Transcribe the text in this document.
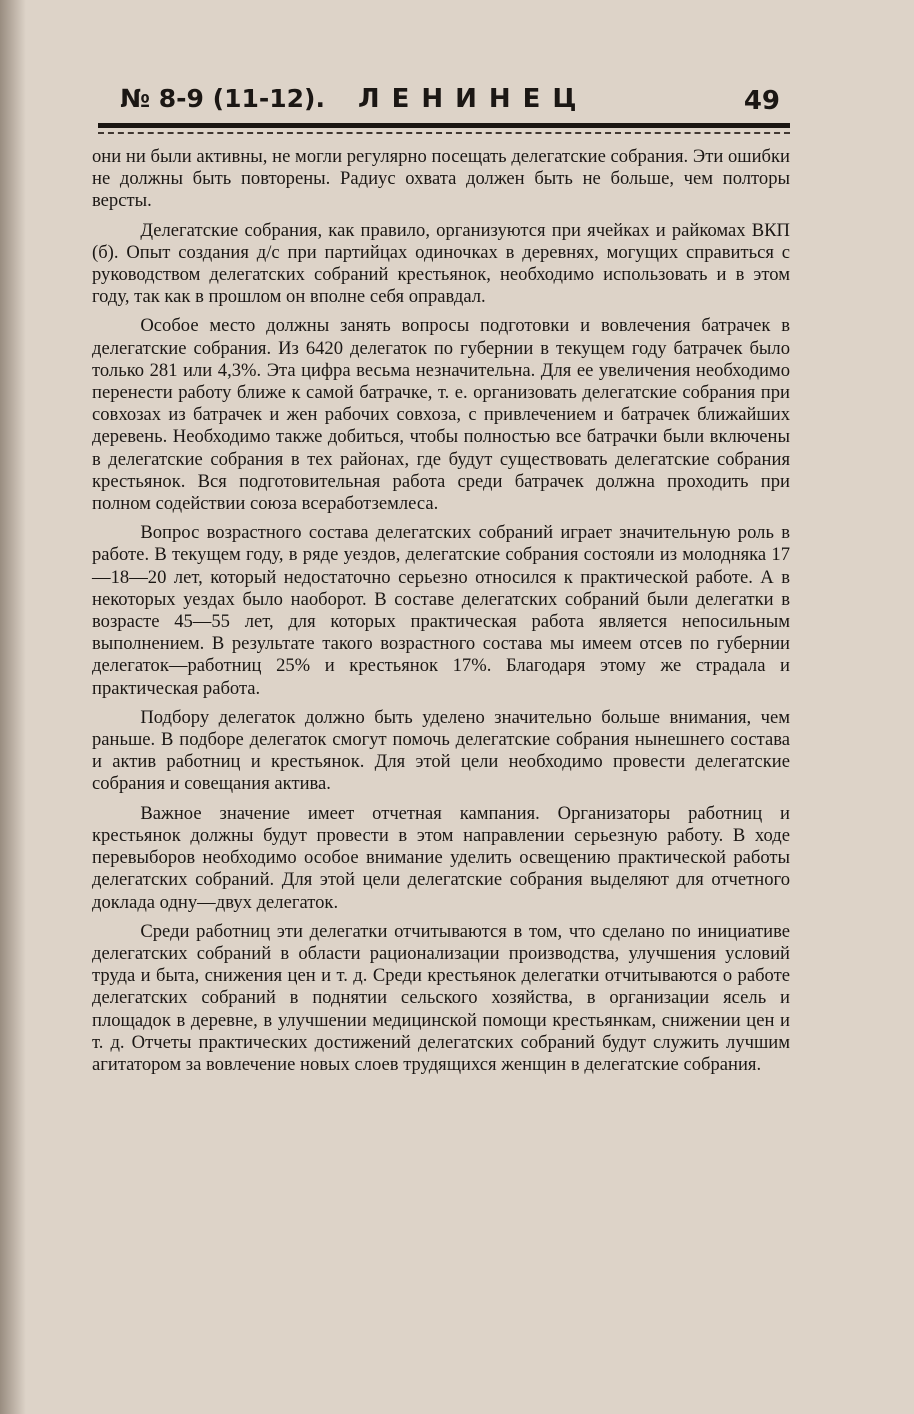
№ 8-9 (11-12). ЛЕНИНЕЦ	49

они ни были активны, не могли регулярно посещать делегатские собрания. Эти ошибки не должны быть повторены. Радиус охвата должен быть не больше, чем полторы версты.

Делегатские собрания, как правило, организуются при ячейках и райкомах ВКП (б). Опыт создания д/с при партийцах одиночках в деревнях, могущих справиться с руководством делегатских собраний крестьянок, необходимо использовать и в этом году, так как в прошлом он вполне себя оправдал.

Особое место должны занять вопросы подготовки и вовлечения батрачек в делегатские собрания. Из 6420 делегаток по губернии в текущем году батрачек было только 281 или 4,3%. Эта цифра весьма незначительна. Для ее увеличения необходимо перенести работу ближе к самой батрачке, т. е. организовать делегатские собрания при совхозах из батрачек и жен рабочих совхоза, с привлечением и батрачек ближайших деревень. Необходимо также добиться, чтобы полностью все батрачки были включены в делегатские собрания в тех районах, где будут существовать делегатские собрания крестьянок. Вся подготовительная работа среди батрачек должна проходить при полном содействии союза всеработземлеса.

Вопрос возрастного состава делегатских собраний играет значительную роль в работе. В текущем году, в ряде уездов, делегатские собрания состояли из молодняка 17—18—20 лет, который недостаточно серьезно относился к практической работе. А в некоторых уездах было наоборот. В составе делегатских собраний были делегатки в возрасте 45—55 лет, для которых практическая работа является непосильным выполнением. В результате такого возрастного состава мы имеем отсев по губернии делегаток—работниц 25% и крестьянок 17%. Благодаря этому же страдала и практическая работа.

Подбору делегаток должно быть уделено значительно больше внимания, чем раньше. В подборе делегаток смогут помочь делегатские собрания нынешнего состава и актив работниц и крестьянок. Для этой цели необходимо провести делегатские собрания и совещания актива.

Важное значение имеет отчетная кампания. Организаторы работниц и крестьянок должны будут провести в этом направлении серьезную работу. В ходе перевыборов необходимо особое внимание уделить освещению практической работы делегатских собраний. Для этой цели делегатские собрания выделяют для отчетного доклада одну—двух делегаток.

Среди работниц эти делегатки отчитываются в том, что сделано по инициативе делегатских собраний в области рационализации производства, улучшения условий труда и быта, снижения цен и т. д. Среди крестьянок делегатки отчитываются о работе делегатских собраний в поднятии сельского хозяйства, в организации ясель и площадок в деревне, в улучшении медицинской помощи крестьянкам, снижении цен и т. д. Отчеты практических достижений делегатских собраний будут служить лучшим агитатором за вовлечение новых слоев трудящихся женщин в делегатские собрания.
